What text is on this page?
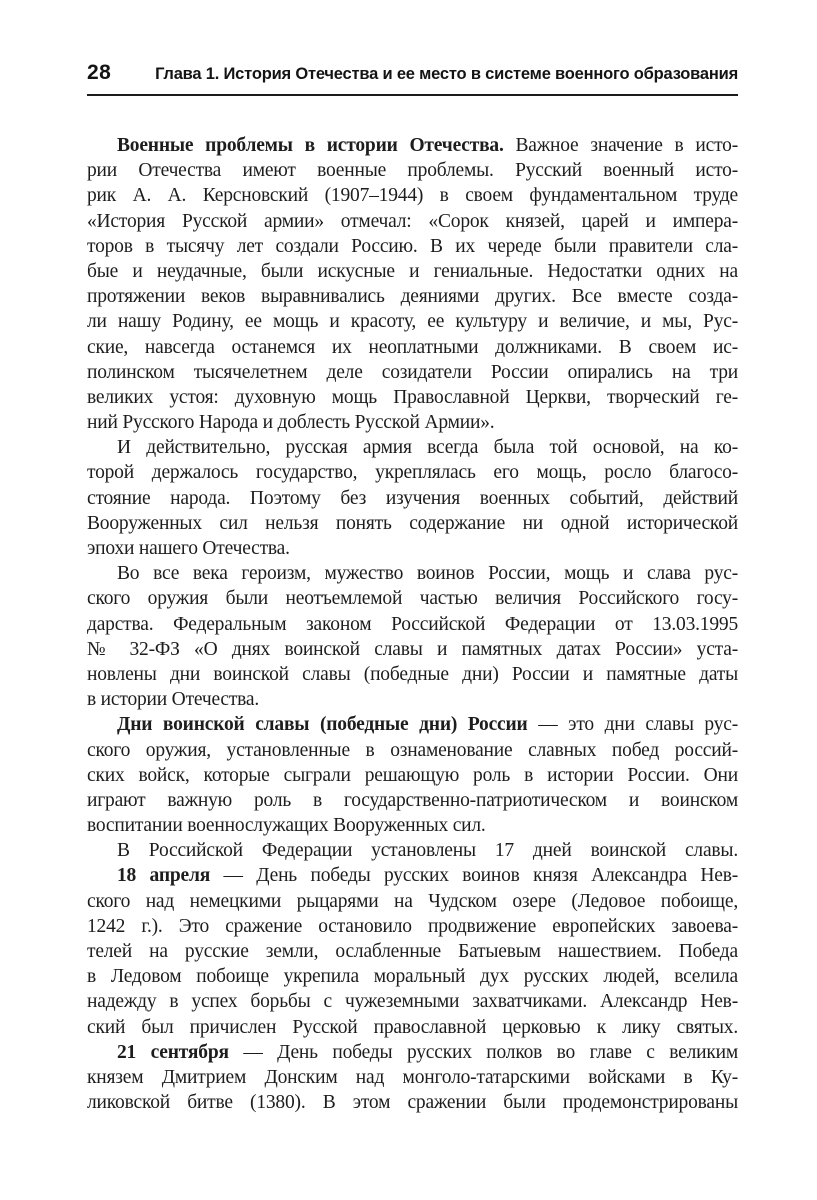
28	Глава 1. История Отечества и ее место в системе военного образования
Военные проблемы в истории Отечества. Важное значение в исто-
рии Отечества имеют военные проблемы. Русский военный исто-
рик А. А. Керсновский (1907–1944) в своем фундаментальном труде
«История Русской армии» отмечал: «Сорок князей, царей и импера-
торов в тысячу лет создали Россию. В их череде были правители сла-
бые и неудачные, были искусные и гениальные. Недостатки одних на
протяжении веков выравнивались деяниями других. Все вместе созда-
ли нашу Родину, ее мощь и красоту, ее культуру и величие, и мы, Рус-
ские, навсегда останемся их неоплатными должниками. В своем ис-
полинском тысячелетнем деле созидатели России опирались на три
великих устоя: духовную мощь Православной Церкви, творческий ге-
ний Русского Народа и доблесть Русской Армии».
И действительно, русская армия всегда была той основой, на ко-
торой держалось государство, укреплялась его мощь, росло благосо-
стояние народа. Поэтому без изучения военных событий, действий
Вооруженных сил нельзя понять содержание ни одной исторической
эпохи нашего Отечества.
Во все века героизм, мужество воинов России, мощь и слава рус-
ского оружия были неотъемлемой частью величия Российского госу-
дарства. Федеральным законом Российской Федерации от 13.03.1995
№ 32-ФЗ «О днях воинской славы и памятных датах России» уста-
новлены дни воинской славы (победные дни) России и памятные даты
в истории Отечества.
Дни воинской славы (победные дни) России — это дни славы рус-
ского оружия, установленные в ознаменование славных побед россий-
ских войск, которые сыграли решающую роль в истории России. Они
играют важную роль в государственно-патриотическом и воинском
воспитании военнослужащих Вооруженных сил.
В Российской Федерации установлены 17 дней воинской славы.
18 апреля — День победы русских воинов князя Александра Нев-
ского над немецкими рыцарями на Чудском озере (Ледовое побоище,
1242 г.). Это сражение остановило продвижение европейских завоева-
телей на русские земли, ослабленные Батыевым нашествием. Победа
в Ледовом побоище укрепила моральный дух русских людей, вселила
надежду в успех борьбы с чужеземными захватчиками. Александр Нев-
ский был причислен Русской православной церковью к лику святых.
21 сентября — День победы русских полков во главе с великим
князем Дмитрием Донским над монголо-татарскими войсками в Ку-
ликовской битве (1380). В этом сражении были продемонстрированы
